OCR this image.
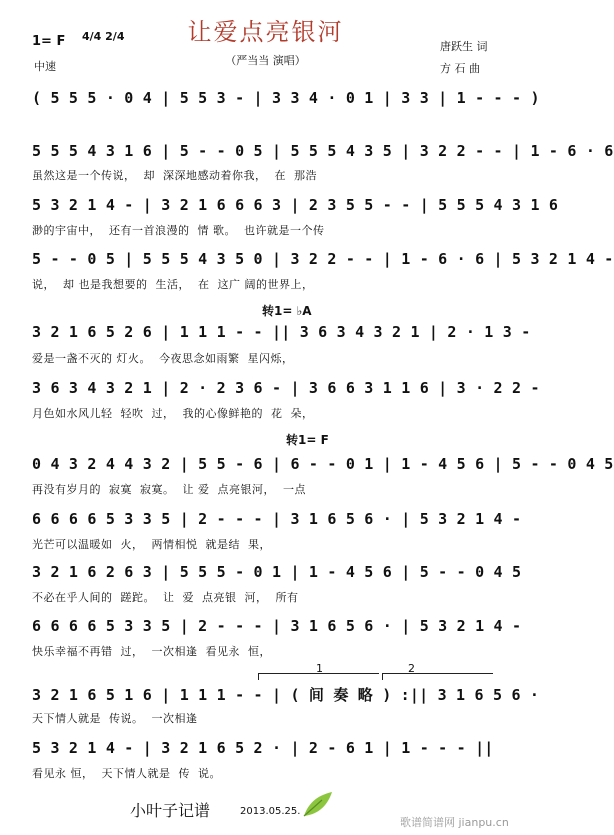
让爱点亮银河
（严当当 演唱）
1= F 4/4 2/4
中速
唐跃生 词
方 石 曲
( 5 5 5 · 0 4 | 5 5 3 - | 3 3 4 · 0 1 | 3 3 | 1 - - - )
5 5 5 4 3 1 6 | 5 - - 0 5 | 5 5 5 4 3 5 | 3 2 2 - - | 1 - 6 · 6
虽然这是一个传说，  却  深深地感动着你我，  在  那浩
5 3 2 1 4 - | 3 2 1 6 6 6 3 | 2 3 5 5 - - | 5 5 5 4 3 1 6
渺的宇宙中，  还有一首浪漫的  情 歌。  也许就是一个传
5 - - 0 5 | 5 5 5 4 3 5 0 | 3 2 2 - - | 1 - 6 · 6 | 5 3 2 1 4 -
说，  却 也是我想要的  生活，  在  这广 阔的世界上，
转1= ♭A
3 2 1 6 5 2 6 | 1 1 1 - - || 3 6 3 4 3 2 1 | 2 · 1 3 -
爱是一盏不灭的 灯火。  今夜思念如雨繁  星闪烁，
3 6 3 4 3 2 1 | 2 · 2 3 6 - | 3 6 6 3 1 1 6 | 3 · 2 2 -
月色如水风儿轻  轻吹  过，  我的心像鲜艳的  花  朵，
转1= F
0 4 3 2 4 4 3 2 | 5 5 - 6 | 6 - - 0 1 | 1 - 4 5 6 | 5 - - 0 4 5
再没有岁月的  寂寞  寂寞。  让 爱  点亮银河，  一点
6 6 6 6 5 3 3 5 | 2 - - - | 3 1 6 5 6 · | 5 3 2 1 4 -
光芒可以温暖如  火，  两情相悦  就是结  果，
3 2 1 6 2 6 3 | 5 5 5 - 0 1 | 1 - 4 5 6 | 5 - - 0 4 5
不必在乎人间的  蹉跎。  让  爱  点亮银  河，  所有
6 6 6 6 5 3 3 5 | 2 - - - | 3 1 6 5 6 · | 5 3 2 1 4 -
快乐幸福不再错  过，  一次相逢  看见永  恒，
1	2
3 2 1 6 5 1 6 | 1 1 1 - - | ( 间 奏 略 ) :|| 3 1 6 5 6 ·
天下情人就是  传说。  一次相逢
5 3 2 1 4 - | 3 2 1 6 5 2 · | 2 - 6 1 | 1 - - - ||
看见永 恒，  天下情人就是  传  说。
小叶子记谱	2013.05.25.
歌谱简谱网 jianpu.cn
